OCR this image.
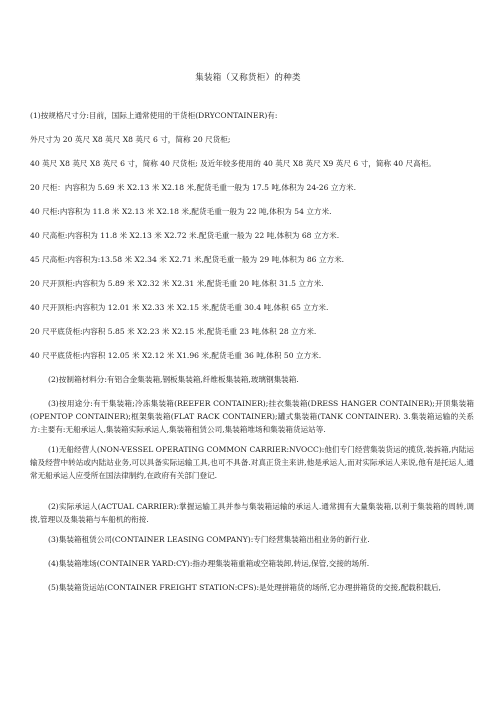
集装箱（又称货柜）的种类
(1)按规格尺寸分:目前，国际上通常使用的干货柜(DRYCONTAINER)有:
外尺寸为 20 英尺 X8 英尺 X8 英尺 6 寸，简称 20 尺货柜;
40 英尺 X8 英尺 X8 英尺 6 寸，简称 40 尺货柜; 及近年较多使用的 40 英尺 X8 英尺 X9 英尺 6 寸，简称 40 尺高柜。
20 尺柜：内容积为 5.69 米 X2.13 米 X2.18 米,配货毛重一般为 17.5 吨,体积为 24-26 立方米.
40 尺柜:内容积为 11.8 米 X2.13 米 X2.18 米,配货毛重一般为 22 吨,体积为 54 立方米.
40 尺高柜:内容积为 11.8 米 X2.13 米 X2.72 米.配货毛重一般为 22 吨,体积为 68 立方米.
45 尺高柜:内容积为:13.58 米 X2.34 米 X2.71 米,配货毛重一般为 29 吨,体积为 86 立方米.
20 尺开顶柜:内容积为 5.89 米 X2.32 米 X2.31 米,配货毛重 20 吨,体积 31.5 立方米.
40 尺开顶柜:内容积为 12.01 米 X2.33 米 X2.15 米,配货毛重 30.4 吨,体积 65 立方米.
20 尺平底货柜:内容积 5.85 米 X2.23 米 X2.15 米,配货毛重 23 吨,体积 28 立方米.
40 尺平底货柜:内容积 12.05 米 X2.12 米 X1.96 米,配货毛重 36 吨,体积 50 立方米.
(2)按制箱材料分:有铝合金集装箱,钢板集装箱,纤维板集装箱,玻璃钢集装箱.
(3)按用途分:有干集装箱;冷冻集装箱(REEFER CONTAINER);挂衣集装箱(DRESS HANGER CONTAINER);开顶集装箱(OPENTOP CONTAINER);框架集装箱(FLAT RACK CONTAINER);罐式集装箱(TANK CONTAINER). 3.集装箱运输的关系方:主要有:无船承运人,集装箱实际承运人,集装箱租赁公司,集装箱堆场和集装箱货运站等.
(1)无船经营人(NON-VESSEL OPERATING COMMON CARRIER:NVOCC):他们专门经营集装货运的揽货,装拆箱,内陆运输及经营中转站或内陆站业务,可以具备实际运输工具,也可不具备.对真正货主来讲,他是承运人,而对实际承运人来说,他有是托运人,通常无船承运人应受所在国法律制约,在政府有关部门登记.
(2)实际承运人(ACTUAL CARRIER):掌握运输工具并参与集装箱运输的承运人.通常拥有大量集装箱,以利于集装箱的周转,调拨,管理以及集装箱与车船机的衔接.
(3)集装箱租赁公司(CONTAINER LEASING COMPANY):专门经营集装箱出租业务的新行业.
(4)集装箱堆场(CONTAINER YARD:CY):指办理集装箱重箱或空箱装卸,转运,保管,交接的场所.
(5)集装箱货运站(CONTAINER FREIGHT STATION:CFS):是处理拼箱货的场所,它办理拼箱货的交接,配载积载后,
